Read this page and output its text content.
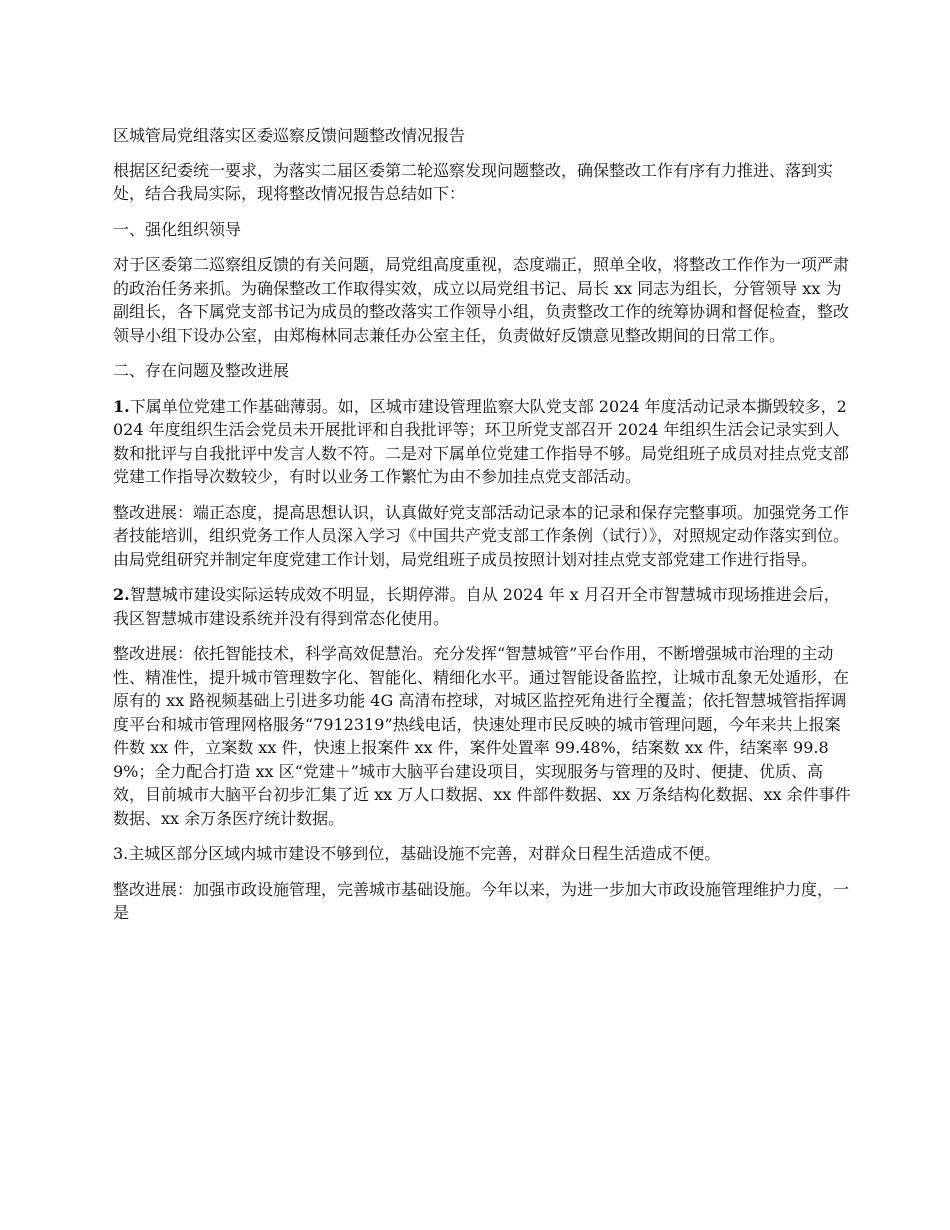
区城管局党组落实区委巡察反馈问题整改情况报告

根据区纪委统一要求，为落实二届区委第二轮巡察发现问题整改，确保整改工作有序有力推进、落到实处，结合我局实际，现将整改情况报告总结如下：

一、强化组织领导

对于区委第二巡察组反馈的有关问题，局党组高度重视，态度端正，照单全收，将整改工作作为一项严肃的政治任务来抓。为确保整改工作取得实效，成立以局党组书记、局长 xx 同志为组长，分管领导 xx 为副组长，各下属党支部书记为成员的整改落实工作领导小组，负责整改工作的统筹协调和督促检查，整改领导小组下设办公室，由郑梅林同志兼任办公室主任，负责做好反馈意见整改期间的日常工作。

二、存在问题及整改进展

1.下属单位党建工作基础薄弱。如，区城市建设管理监察大队党支部 2024 年度活动记录本撕毁较多，2024 年度组织生活会党员未开展批评和自我批评等；环卫所党支部召开 2024 年组织生活会记录实到人数和批评与自我批评中发言人数不符。二是对下属单位党建工作指导不够。局党组班子成员对挂点党支部党建工作指导次数较少，有时以业务工作繁忙为由不参加挂点党支部活动。

整改进展：端正态度，提高思想认识，认真做好党支部活动记录本的记录和保存完整事项。加强党务工作者技能培训，组织党务工作人员深入学习《中国共产党支部工作条例（试行）》，对照规定动作落实到位。由局党组研究并制定年度党建工作计划，局党组班子成员按照计划对挂点党支部党建工作进行指导。

2.智慧城市建设实际运转成效不明显，长期停滞。自从 2024 年 x 月召开全市智慧城市现场推进会后，我区智慧城市建设系统并没有得到常态化使用。

整改进展：依托智能技术，科学高效促慧治。充分发挥“智慧城管”平台作用，不断增强城市治理的主动性、精准性，提升城市管理数字化、智能化、精细化水平。通过智能设备监控，让城市乱象无处遁形，在原有的 xx 路视频基础上引进多功能 4G 高清布控球，对城区监控死角进行全覆盖；依托智慧城管指挥调度平台和城市管理网格服务“7912319”热线电话，快速处理市民反映的城市管理问题，今年来共上报案件数 xx 件，立案数 xx 件，快速上报案件 xx 件，案件处置率 99.48%，结案数 xx 件，结案率 99.89%；全力配合打造 xx 区“党建＋”城市大脑平台建设项目，实现服务与管理的及时、便捷、优质、高效，目前城市大脑平台初步汇集了近 xx 万人口数据、xx 件部件数据、xx 万条结构化数据、xx 余件事件数据、xx 余万条医疗统计数据。

3.主城区部分区域内城市建设不够到位，基础设施不完善，对群众日程生活造成不便。

整改进展：加强市政设施管理，完善城市基础设施。今年以来，为进一步加大市政设施管理维护力度，一是
